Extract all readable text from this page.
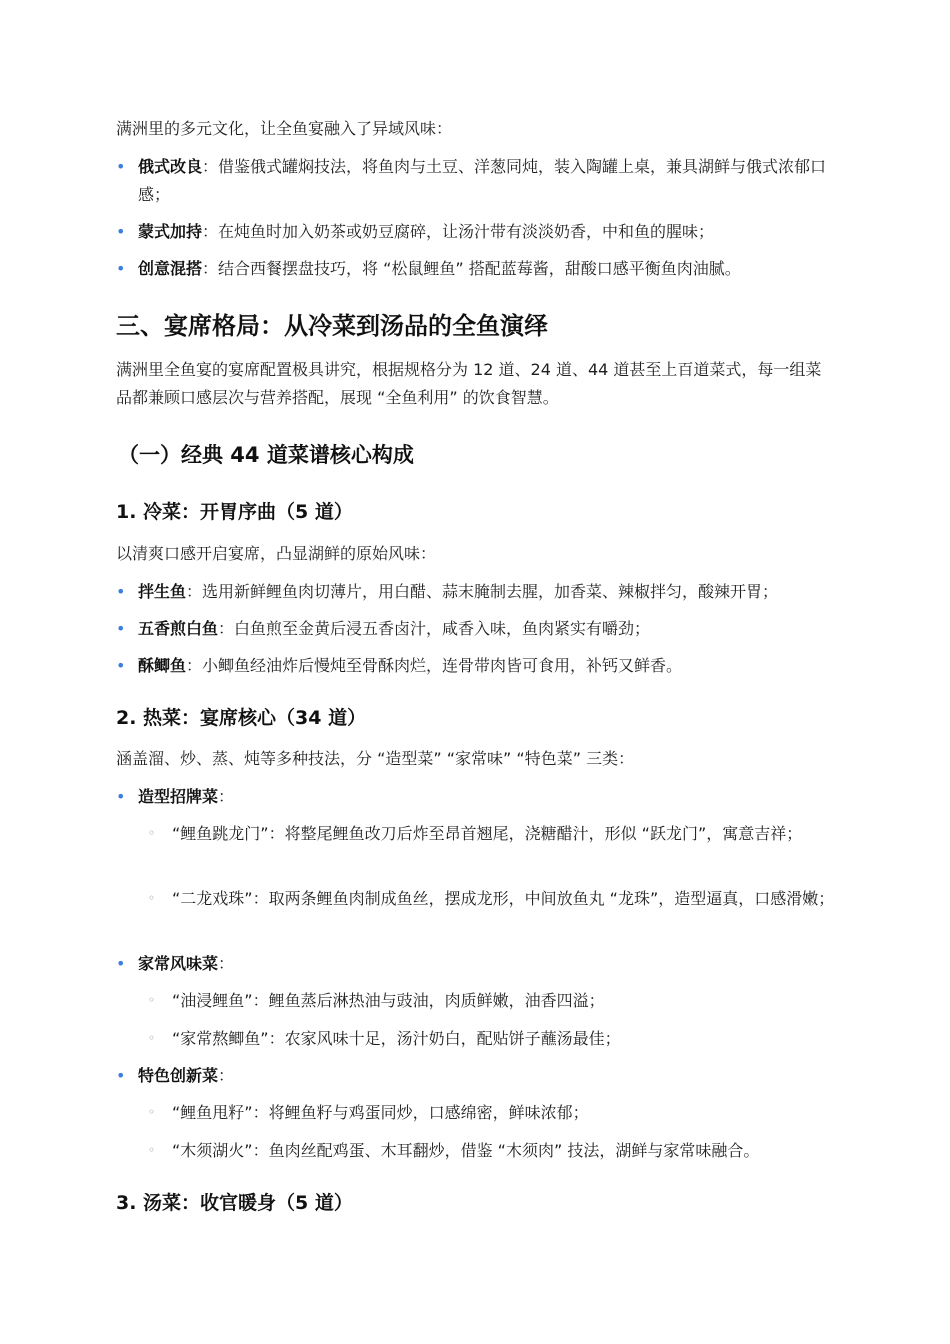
满洲里的多元文化，让全鱼宴融入了异域风味：

• 俄式改良：借鉴俄式罐焖技法，将鱼肉与土豆、洋葱同炖，装入陶罐上桌，兼具湖鲜与俄式浓郁口感；
• 蒙式加持：在炖鱼时加入奶茶或奶豆腐碎，让汤汁带有淡淡奶香，中和鱼的腥味；
• 创意混搭：结合西餐摆盘技巧，将 “松鼠鲤鱼” 搭配蓝莓酱，甜酸口感平衡鱼肉油腻。
三、宴席格局：从冷菜到汤品的全鱼演绎

满洲里全鱼宴的宴席配置极具讲究，根据规格分为 12 道、24 道、44 道甚至上百道菜式，每一组菜品都兼顾口感层次与营养搭配，展现 “全鱼利用” 的饮食智慧。

（一）经典 44 道菜谱核心构成
1. 冷菜：开胃序曲（5 道）

以清爽口感开启宴席，凸显湖鲜的原始风味：

• 拌生鱼：选用新鲜鲤鱼肉切薄片，用白醋、蒜末腌制去腥，加香菜、辣椒拌匀，酸辣开胃；
• 五香煎白鱼：白鱼煎至金黄后浸五香卤汁，咸香入味，鱼肉紧实有嚼劲；
• 酥鲫鱼：小鲫鱼经油炸后慢炖至骨酥肉烂，连骨带肉皆可食用，补钙又鲜香。
2. 热菜：宴席核心（34 道）

涵盖溜、炒、蒸、炖等多种技法，分 “造型菜” “家常味” “特色菜” 三类：

• 造型招牌菜：
◦ “鲤鱼跳龙门”：将整尾鲤鱼改刀后炸至昂首翘尾，浇糖醋汁，形似 “跃龙门”，寓意吉祥；
◦ “二龙戏珠”：取两条鲤鱼肉制成鱼丝，摆成龙形，中间放鱼丸 “龙珠”，造型逼真，口感滑嫩；
• 家常风味菜：
◦ “油浸鲤鱼”：鲤鱼蒸后淋热油与豉油，肉质鲜嫩，油香四溢；
◦ “家常熬鲫鱼”：农家风味十足，汤汁奶白，配贴饼子蘸汤最佳；
• 特色创新菜：
◦ “鲤鱼甩籽”：将鲤鱼籽与鸡蛋同炒，口感绵密，鲜味浓郁；
◦ “木须湖火”：鱼肉丝配鸡蛋、木耳翻炒，借鉴 “木须肉” 技法，湖鲜与家常味融合。
3. 汤菜：收官暖身（5 道）
